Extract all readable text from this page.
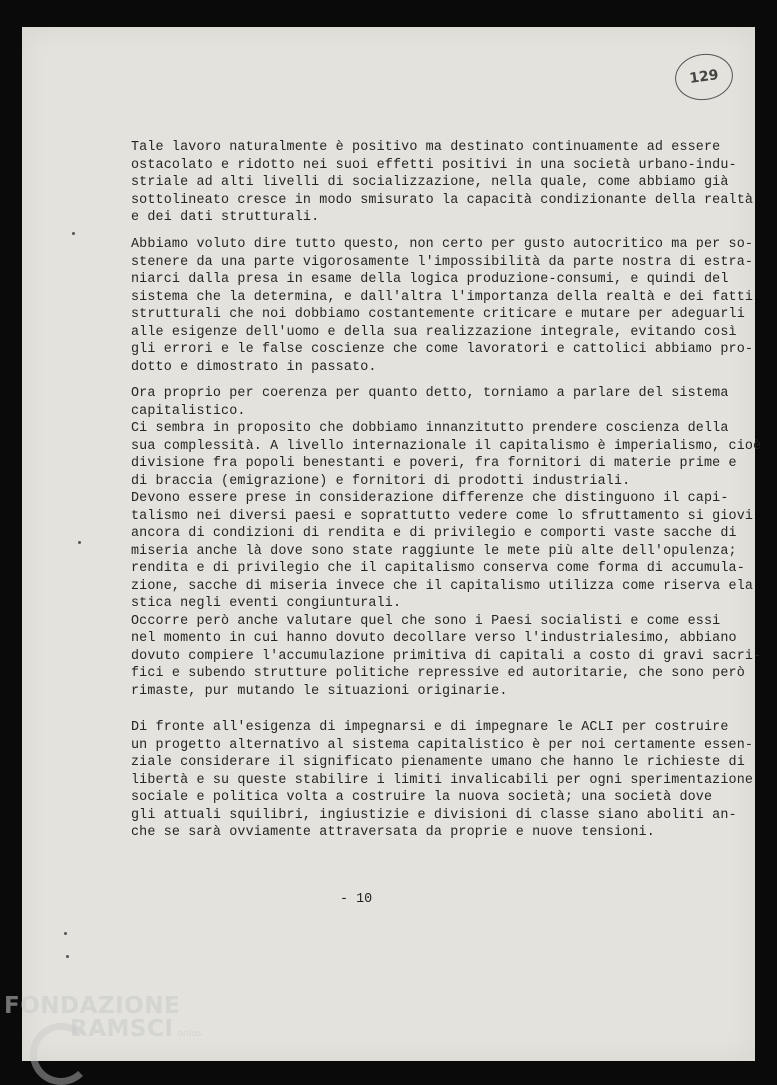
129
Tale lavoro naturalmente è positivo ma destinato continuamente ad essere
ostacolato e ridotto nei suoi effetti positivi in una società urbano-indu-
striale ad alti livelli di socializzazione, nella quale, come abbiamo già
sottolineato cresce in modo smisurato la capacità condizionante della realtà
e dei dati strutturali.
Abbiamo voluto dire tutto questo, non certo per gusto autocritico ma per so-
stenere da una parte vigorosamente l'impossibilità da parte nostra di estra-
niarci dalla presa in esame della logica produzione-consumi, e quindi del
sistema che la determina, e dall'altra l'importanza della realtà e dei fatti
strutturali che noi dobbiamo costantemente criticare e mutare per adeguarli
alle esigenze dell'uomo e della sua realizzazione integrale, evitando così
gli errori e le false coscienze che come lavoratori e cattolici abbiamo pro-
dotto e dimostrato in passato.
Ora proprio per coerenza per quanto detto, torniamo a parlare del sistema
capitalistico.
Ci sembra in proposito che dobbiamo innanzitutto prendere coscienza della
sua complessità. A livello internazionale il capitalismo è imperialismo, cioè
divisione fra popoli benestanti e poveri, fra fornitori di materie prime e
di braccia (emigrazione) e fornitori di prodotti industriali.
Devono essere prese in considerazione differenze che distinguono il capi-
talismo nei diversi paesi e soprattutto vedere come lo sfruttamento si giovi
ancora di condizioni di rendita e di privilegio e comporti vaste sacche di
miseria anche là dove sono state raggiunte le mete più alte dell'opulenza;
rendita e di privilegio che il capitalismo conserva come forma di accumula-
zione, sacche di miseria invece che il capitalismo utilizza come riserva ela
stica negli eventi congiunturali.
Occorre però anche valutare quel che sono i Paesi socialisti e come essi
nel momento in cui hanno dovuto decollare verso l'industrialesimo, abbiano
dovuto compiere l'accumulazione primitiva di capitali a costo di gravi sacri-
fici e subendo strutture politiche repressive ed autoritarie, che sono però
rimaste, pur mutando le situazioni originarie.
Di fronte all'esigenza di impegnarsi e di impegnare le ACLI per costruire
un progetto alternativo al sistema capitalistico è per noi certamente essen-
ziale considerare il significato pienamente umano che hanno le richieste di
libertà e su queste stabilire i limiti invalicabili per ogni sperimentazione
sociale e politica volta a costruire la nuova società; una società dove
gli attuali squilibri, ingiustizie e divisioni di classe siano aboliti an-
che se sarà ovviamente attraversata da proprie e nuove tensioni.
- 10
FONDAZIONE
RAMSCI onlus
